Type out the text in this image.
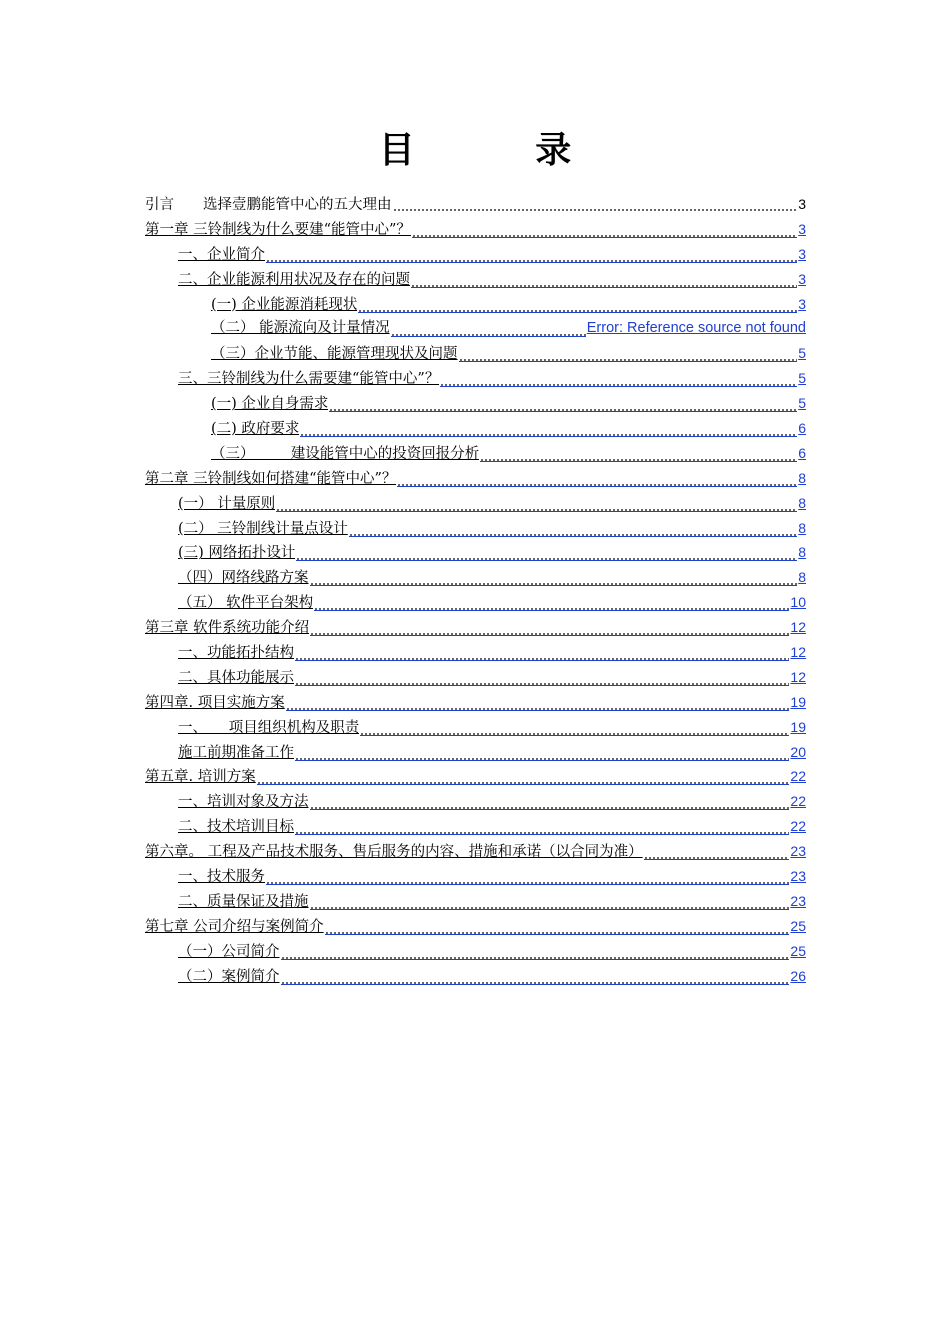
目 录
引言　　选择壹鹏能管中心的五大理由	3
第一章 三铃制线为什么要建“能管中心”？	3
一、企业简介	3
二、企业能源利用状况及存在的问题	3
(一) 企业能源消耗现状	3
（二） 能源流向及计量情况	Error: Reference source not found
（三）企业节能、能源管理现状及问题	5
三、三铃制线为什么需要建“能管中心”？	5
(一) 企业自身需求	5
(二) 政府要求	6
（三）　　　建设能管中心的投资回报分析	6
第二章 三铃制线如何搭建“能管中心”？	8
(一） 计量原则	8
(二） 三铃制线计量点设计	8
(三) 网络拓扑设计	8
（四）网络线路方案	8
（五） 软件平台架构	10
第三章 软件系统功能介绍	12
一、功能拓扑结构	12
二、具体功能展示	12
第四章. 项目实施方案	19
一、　　项目组织机构及职责	19
施工前期准备工作	20
第五章. 培训方案	22
一、培训对象及方法	22
二、技术培训目标	22
第六章。 工程及产品技术服务、售后服务的内容、措施和承诺（以合同为准）	23
一、技术服务	23
二、质量保证及措施	23
第七章 公司介绍与案例简介	25
（一）公司简介	25
（二）案例简介	26
